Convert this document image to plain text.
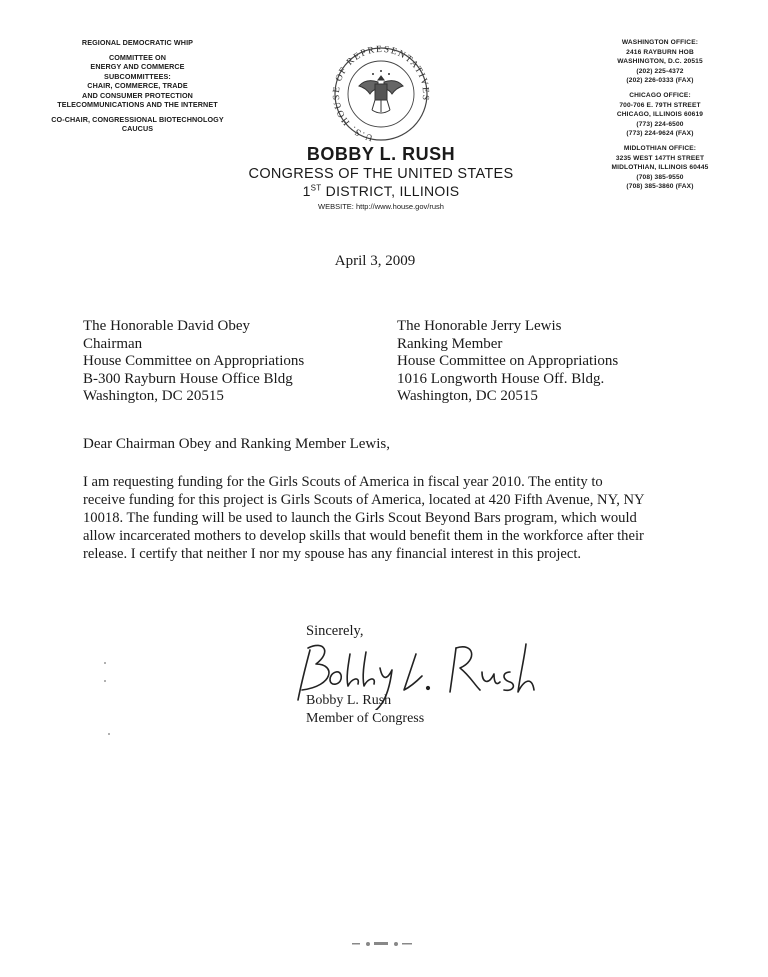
REGIONAL DEMOCRATIC WHIP
COMMITTEE ON
ENERGY AND COMMERCE
SUBCOMMITTEES:
CHAIR, COMMERCE, TRADE
AND CONSUMER PROTECTION
TELECOMMUNICATIONS AND THE INTERNET
CO-CHAIR, CONGRESSIONAL BIOTECHNOLOGY
CAUCUS
U.S. HOUSE OF REPRESENTATIVES
BOBBY L. RUSH
CONGRESS OF THE UNITED STATES
1ST DISTRICT, ILLINOIS
WEBSITE: http://www.house.gov/rush
WASHINGTON OFFICE:
2416 RAYBURN HOB
WASHINGTON, D.C. 20515
(202) 225-4372
(202) 226-0333 (FAX)
CHICAGO OFFICE:
700-706 E. 79TH STREET
CHICAGO, ILLINOIS 60619
(773) 224-6500
(773) 224-9624 (FAX)
MIDLOTHIAN OFFICE:
3235 WEST 147TH STREET
MIDLOTHIAN, ILLINOIS 60445
(708) 385-9550
(708) 385-3860 (FAX)
April 3, 2009
The Honorable David Obey
Chairman
House Committee on Appropriations
B-300 Rayburn House Office Bldg
Washington, DC 20515
The Honorable Jerry Lewis
Ranking Member
House Committee on Appropriations
1016 Longworth House Off. Bldg.
Washington, DC 20515
Dear Chairman Obey and Ranking Member Lewis,
I am requesting funding for the Girls Scouts of America in fiscal year 2010. The entity to
receive funding for this project is Girls Scouts of America, located at 420 Fifth Avenue, NY, NY
10018. The funding will be used to launch the Girls Scout Beyond Bars program, which would
allow incarcerated mothers to develop skills that would benefit them in the workforce after their
release. I certify that neither I nor my spouse has any financial interest in this project.
Sincerely,
Bobby L. Rush
Member of Congress
